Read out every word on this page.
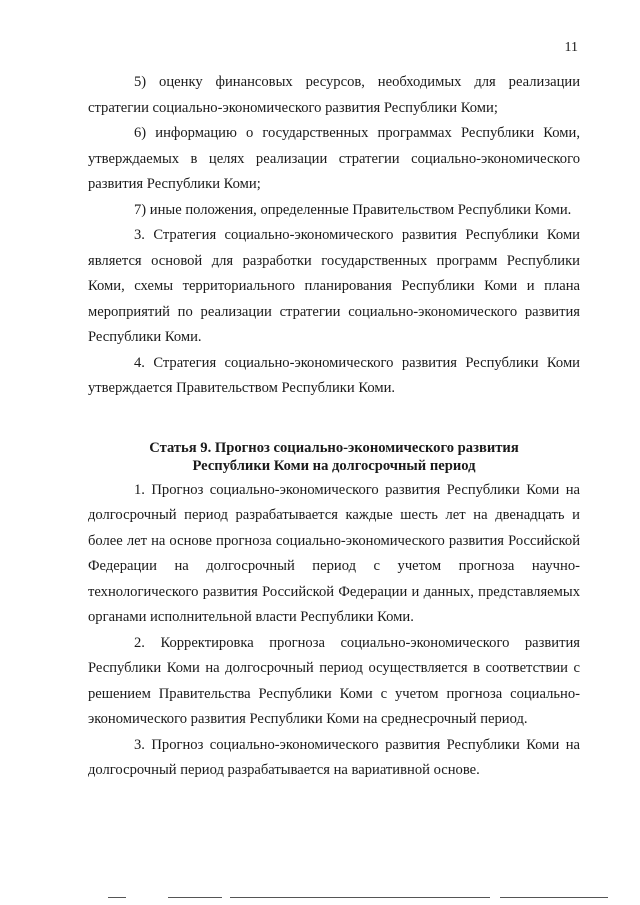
11

5) оценку финансовых ресурсов, необходимых для реализации стратегии социально-экономического развития Республики Коми;

6) информацию о государственных программах Республики Коми, утверждаемых в целях реализации стратегии социально-экономического развития Республики Коми;

7) иные положения, определенные Правительством Республики Коми.

3. Стратегия социально-экономического развития Республики Коми является основой для разработки государственных программ Республики Коми, схемы территориального планирования Республики Коми и плана мероприятий по реализации стратегии социально-экономического развития Республики Коми.

4. Стратегия социально-экономического развития Республики Коми утверждается Правительством Республики Коми.

Статья 9. Прогноз социально-экономического развития
Республики Коми на долгосрочный период

1. Прогноз социально-экономического развития Республики Коми на долгосрочный период разрабатывается каждые шесть лет на двенадцать и более лет на основе прогноза социально-экономического развития Российской Федерации на долгосрочный период с учетом прогноза научно-технологического развития Российской Федерации и данных, представляемых органами исполнительной власти Республики Коми.

2. Корректировка прогноза социально-экономического развития Республики Коми на долгосрочный период осуществляется в соответствии с решением Правительства Республики Коми с учетом прогноза социально-экономического развития Республики Коми на среднесрочный период.

3. Прогноз социально-экономического развития Республики Коми на долгосрочный период разрабатывается на вариативной основе.
